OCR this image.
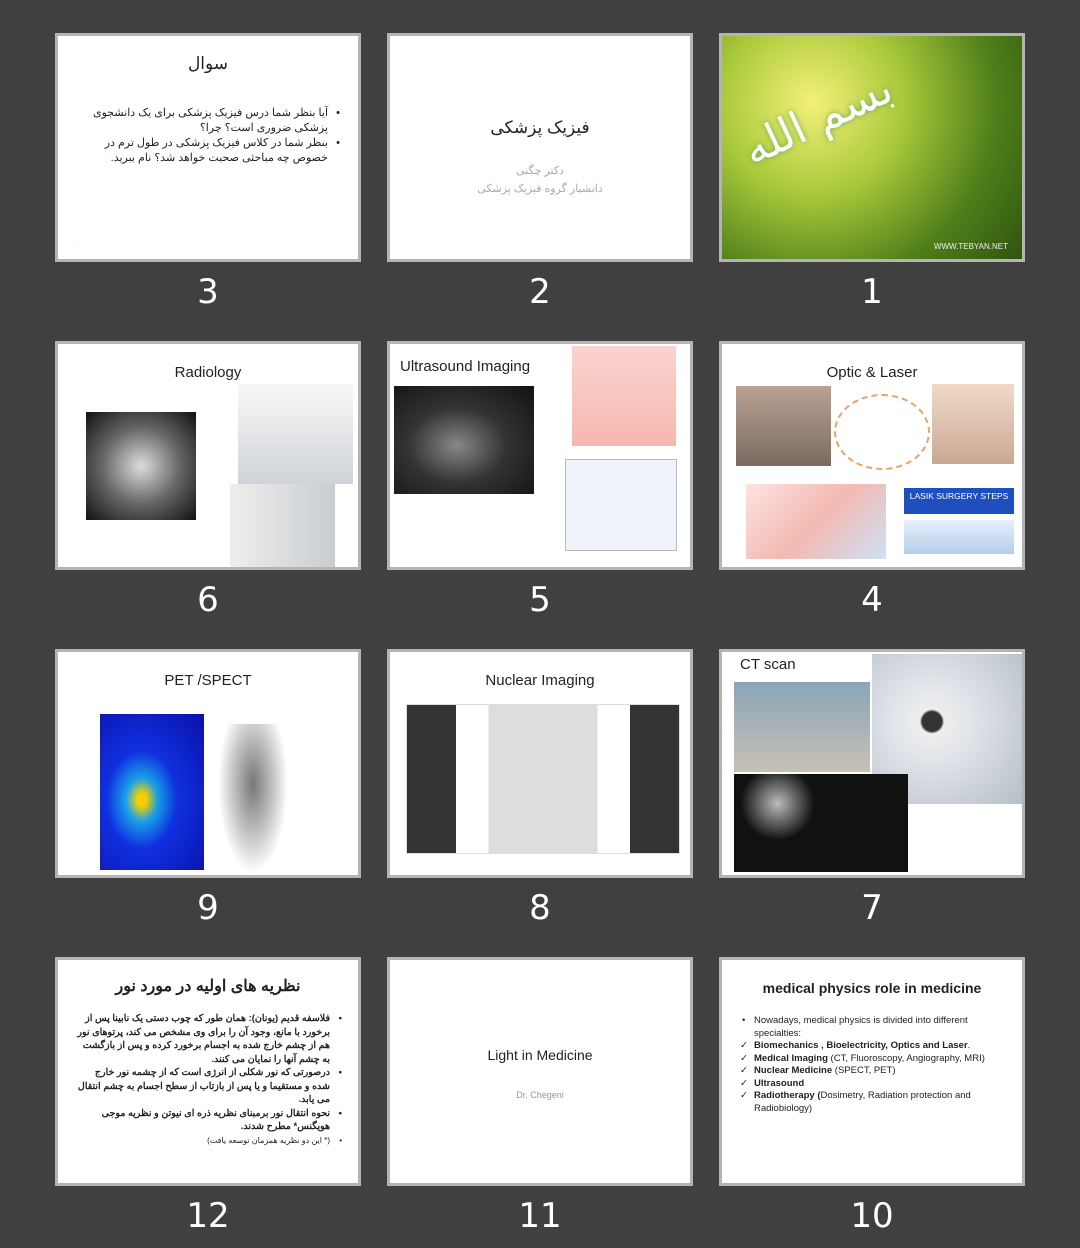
سوال
• آیا بنظر شما درس فیزیک پزشکی برای یک دانشجوی پزشکی ضروری است؟ چرا؟
• بنظر شما در کلاس فیزیک پزشکی در طول ترم در خصوص چه مباحثی صحبت خواهد شد؟ نام ببرید.
·
3
فیزیک پزشکی
دکتر چگنی
دانشیار گروه فیزیک پزشکی
2
بسم الله
WWW.TEBYAN.NET
1
Radiology
6
Ultrasound Imaging
5
Optic & Laser
LASIK SURGERY STEPS
4
PET /SPECT
9
Nuclear Imaging
8
CT scan
7
نظریه های اولیه در مورد نور
• فلاسفه قدیم (یونان): همان طور که چوب دستی یک نابینا پس از برخورد با مانع، وجود آن را برای وی مشخص می کند، پرتوهای نور هم از چشم خارج شده به اجسام برخورد کرده و پس از بازگشت به چشم آنها را نمایان می کنند.
• درصورتی که نور شکلی از انرژی است که از چشمه نور خارج شده و مستقیما و یا پس از بازتاب از سطح اجسام به چشم انتقال می یابد.
• نحوه انتقال نور برمبنای نظریه ذره ای نیوتن و نظریه موجی هویگنس* مطرح شدند.
• (* این دو نظریه همزمان توسعه یافت)
12
Light in Medicine
Dr. Chegeni
11
medical physics role in medicine
• Nowadays, medical physics is divided into different specialties:
✓ Biomechanics , Bioelectricity, Optics and Laser.
✓ Medical Imaging (CT, Fluoroscopy, Angiography, MRI)
✓ Nuclear Medicine (SPECT, PET)
✓ Ultrasound
✓ Radiotherapy (Dosimetry, Radiation protection and Radiobiology)
10
